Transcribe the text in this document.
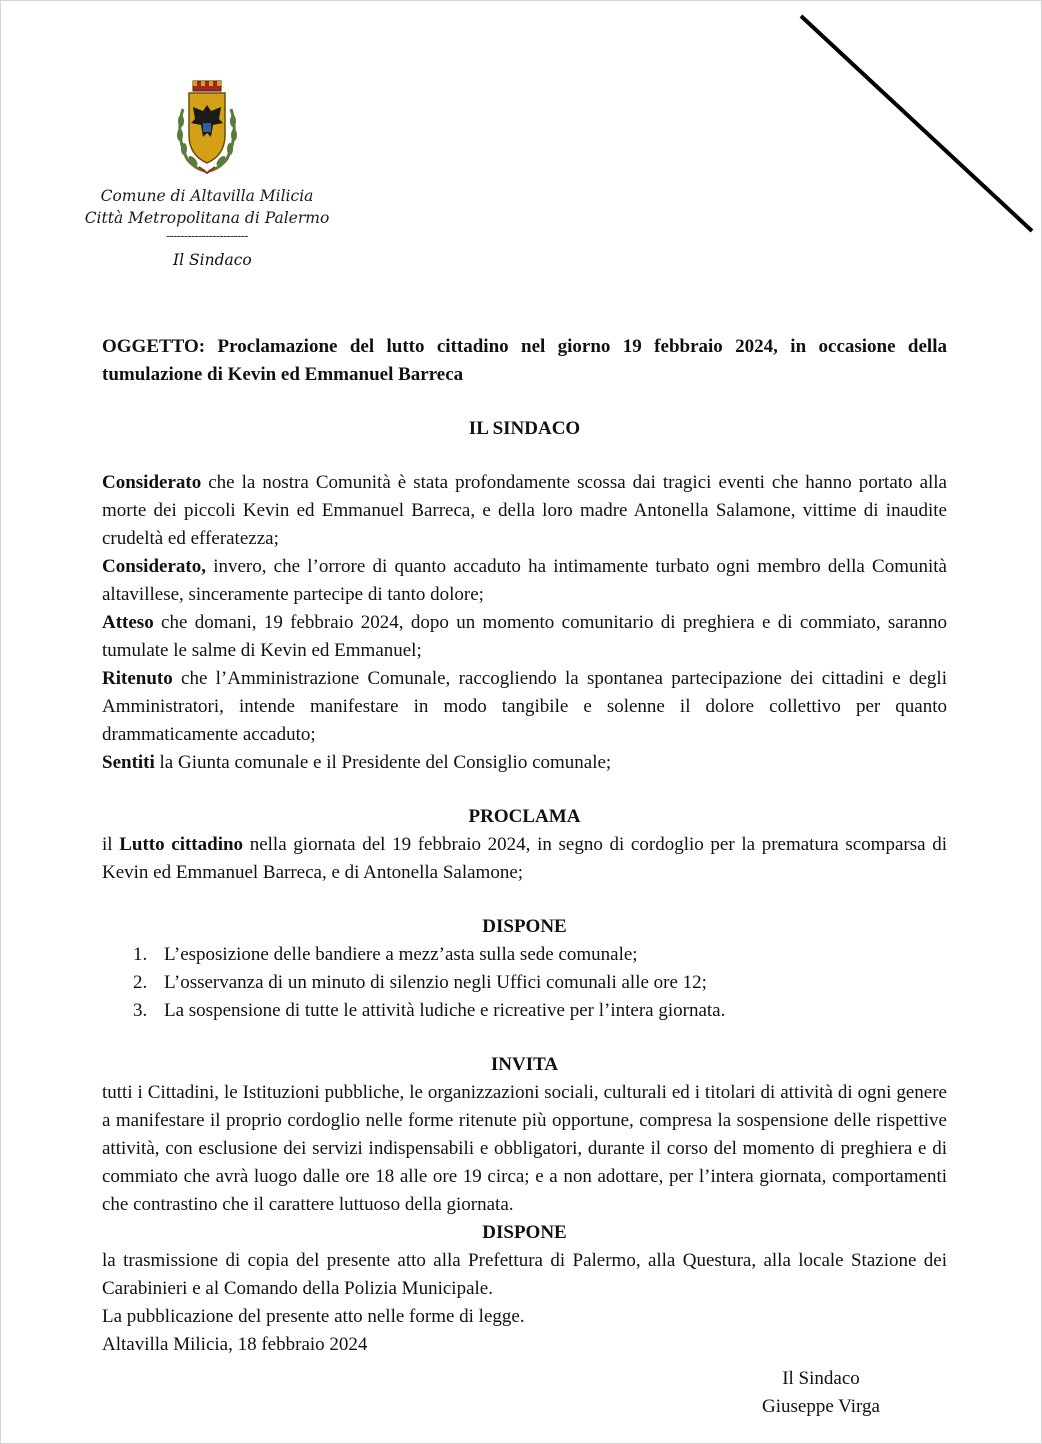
Comune di Altavilla Milicia
Città Metropolitana di Palermo
-----------------------
Il Sindaco

OGGETTO: Proclamazione del lutto cittadino nel giorno 19 febbraio 2024, in occasione della tumulazione di Kevin ed Emmanuel Barreca

IL SINDACO

Considerato che la nostra Comunità è stata profondamente scossa dai tragici eventi che hanno portato alla morte dei piccoli Kevin ed Emmanuel Barreca, e della loro madre Antonella Salamone, vittime di inaudite crudeltà ed efferatezza;

Considerato, invero, che l’orrore di quanto accaduto ha intimamente turbato ogni membro della Comunità altavillese, sinceramente partecipe di tanto dolore;

Atteso che domani, 19 febbraio 2024, dopo un momento comunitario di preghiera e di commiato, saranno tumulate le salme di Kevin ed Emmanuel;

Ritenuto che l’Amministrazione Comunale, raccogliendo la spontanea partecipazione dei cittadini e degli Amministratori, intende manifestare in modo tangibile e solenne il dolore collettivo per quanto drammaticamente accaduto;

Sentiti la Giunta comunale e il Presidente del Consiglio comunale;

PROCLAMA

il Lutto cittadino nella giornata del 19 febbraio 2024, in segno di cordoglio per la prematura scomparsa di Kevin ed Emmanuel Barreca, e di Antonella Salamone;

DISPONE

1. L’esposizione delle bandiere a mezz’asta sulla sede comunale;
2. L’osservanza di un minuto di silenzio negli Uffici comunali alle ore 12;
3. La sospensione di tutte le attività ludiche e ricreative per l’intera giornata.

INVITA

tutti i Cittadini, le Istituzioni pubbliche, le organizzazioni sociali, culturali ed i titolari di attività di ogni genere a manifestare il proprio cordoglio nelle forme ritenute più opportune, compresa la sospensione delle rispettive attività, con esclusione dei servizi indispensabili e obbligatori, durante il corso del momento di preghiera e di commiato che avrà luogo dalle ore 18 alle ore 19 circa; e a non adottare, per l’intera giornata, comportamenti che contrastino che il carattere luttuoso della giornata.

DISPONE

la trasmissione di copia del presente atto alla Prefettura di Palermo, alla Questura, alla locale Stazione dei Carabinieri e al Comando della Polizia Municipale.

La pubblicazione del presente atto nelle forme di legge.

Altavilla Milicia, 18 febbraio 2024

Il Sindaco
Giuseppe Virga
